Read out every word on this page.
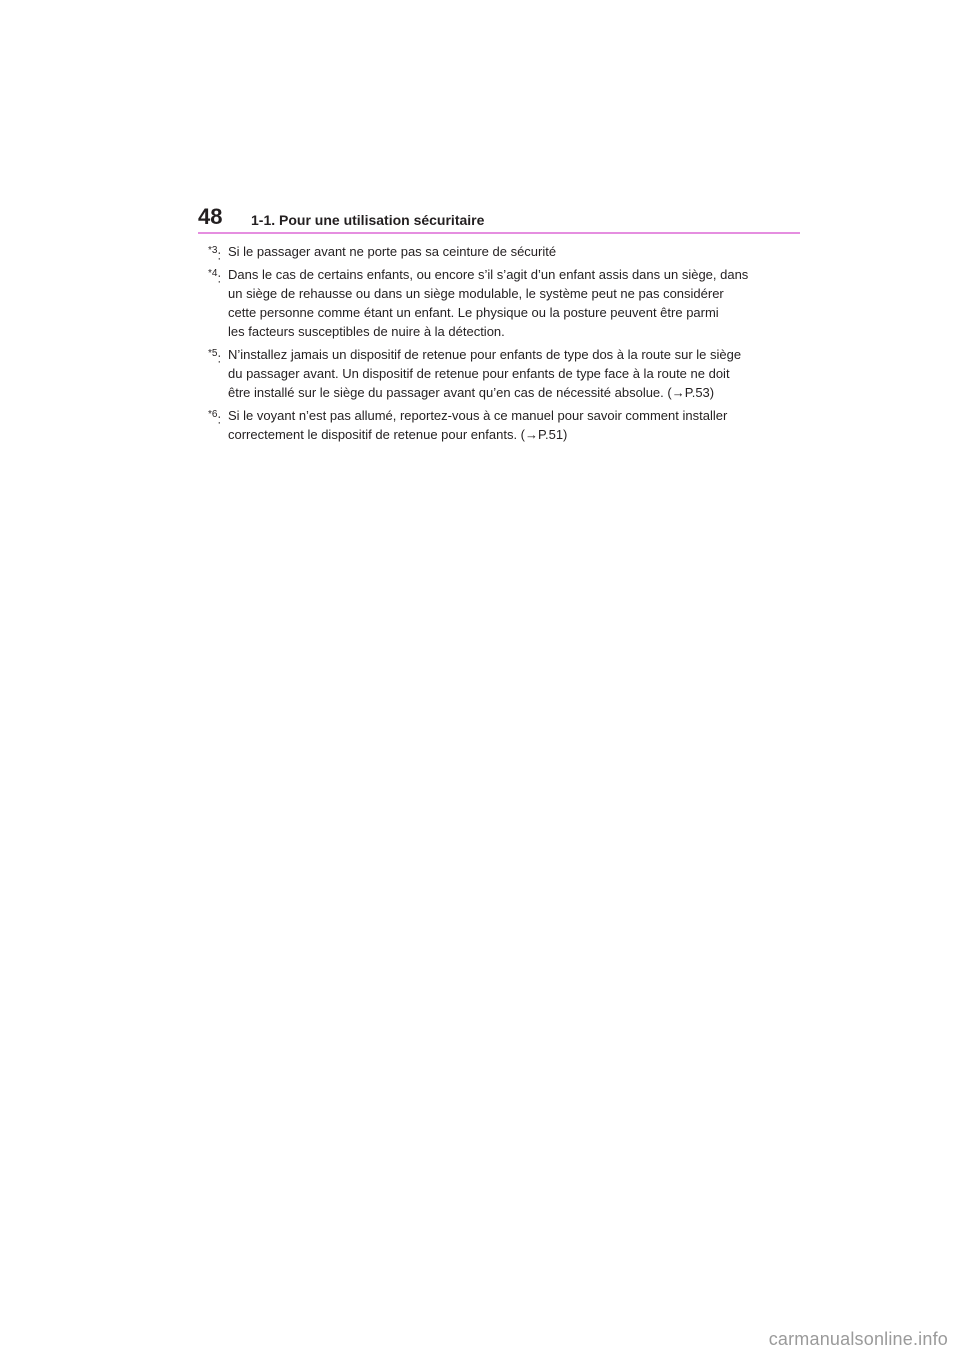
48 1-1. Pour une utilisation sécuritaire
$^{*3}$: Si le passager avant ne porte pas sa ceinture de sécurité
$^{*4}$: Dans le cas de certains enfants, ou encore s’il s’agit d’un enfant assis dans un siège, dans
un siège de rehausse ou dans un siège modulable, le système peut ne pas considérer
cette personne comme étant un enfant. Le physique ou la posture peuvent être parmi
les facteurs susceptibles de nuire à la détection.
$^{*5}$: N’installez jamais un dispositif de retenue pour enfants de type dos à la route sur le siège
du passager avant. Un dispositif de retenue pour enfants de type face à la route ne doit
être installé sur le siège du passager avant qu’en cas de nécessité absolue. (→P.53)
$^{*6}$: Si le voyant n’est pas allumé, reportez-vous à ce manuel pour savoir comment installer
correctement le dispositif de retenue pour enfants. (→P.51)
carmanualsonline.info
